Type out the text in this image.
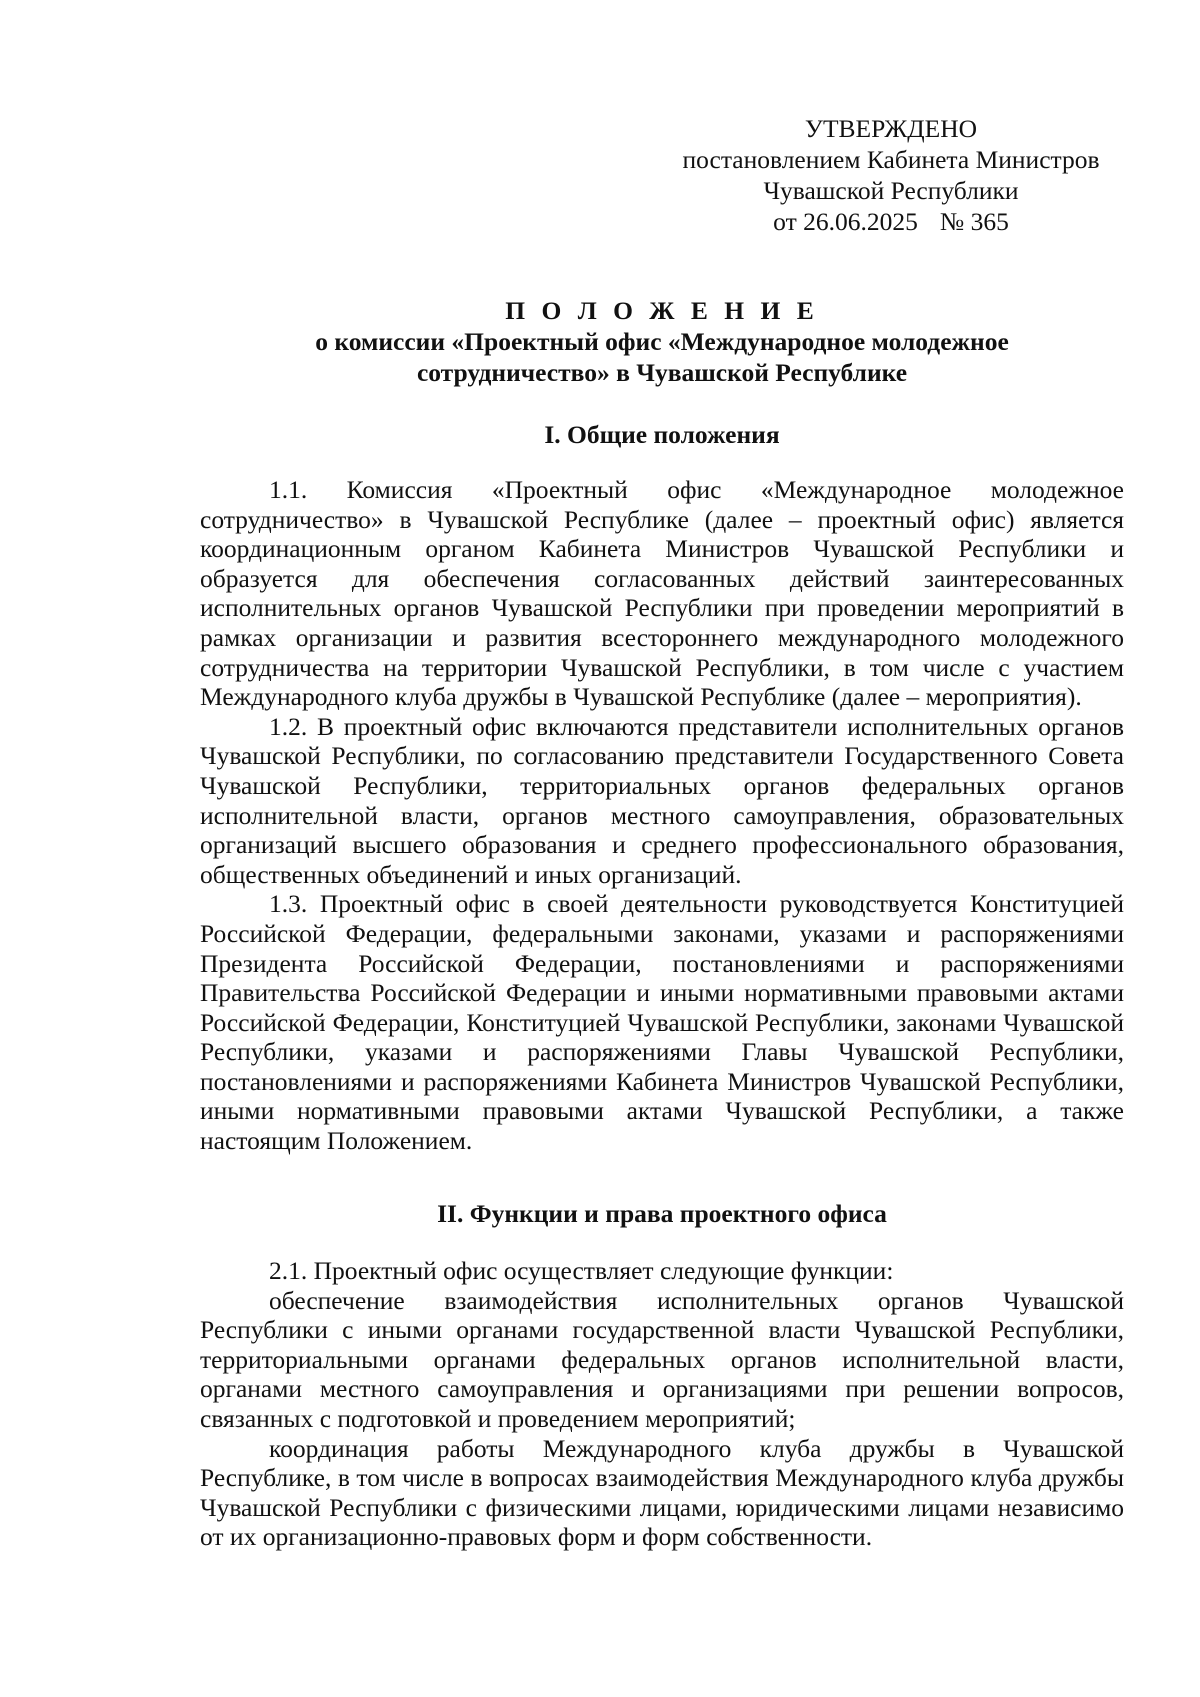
УТВЕРЖДЕНО
постановлением Кабинета Министров
Чувашской Республики
от 26.06.2025 № 365
П О Л О Ж Е Н И Е
о комиссии «Проектный офис «Международное молодежное
сотрудничество» в Чувашской Республике
I. Общие положения

1.1. Комиссия «Проектный офис «Международное молодежное сотрудничество» в Чувашской Республике (далее – проектный офис) является координационным органом Кабинета Министров Чувашской Республики и образуется для обеспечения согласованных действий заинтересованных исполнительных органов Чувашской Республики при проведении мероприятий в рамках организации и развития всестороннего международного молодежного сотрудничества на территории Чувашской Республики, в том числе с участием Международного клуба дружбы в Чувашской Республике (далее – мероприятия).

1.2. В проектный офис включаются представители исполнительных органов Чувашской Республики, по согласованию представители Государственного Совета Чувашской Республики, территориальных органов федеральных органов исполнительной власти, органов местного самоуправления, образовательных организаций высшего образования и среднего профессионального образования, общественных объединений и иных организаций.

1.3. Проектный офис в своей деятельности руководствуется Конституцией Российской Федерации, федеральными законами, указами и распоряжениями Президента Российской Федерации, постановлениями и распоряжениями Правительства Российской Федерации и иными нормативными правовыми актами Российской Федерации, Конституцией Чувашской Республики, законами Чувашской Республики, указами и распоряжениями Главы Чувашской Республики, постановлениями и распоряжениями Кабинета Министров Чувашской Республики, иными нормативными правовыми актами Чувашской Республики, а также настоящим Положением.

II. Функции и права проектного офиса

2.1. Проектный офис осуществляет следующие функции:

обеспечение взаимодействия исполнительных органов Чувашской Республики с иными органами государственной власти Чувашской Республики, территориальными органами федеральных органов исполнительной власти, органами местного самоуправления и организациями при решении вопросов, связанных с подготовкой и проведением мероприятий;

координация работы Международного клуба дружбы в Чувашской Республике, в том числе в вопросах взаимодействия Международного клуба дружбы Чувашской Республики с физическими лицами, юридическими лицами независимо от их организационно-правовых форм и форм собственности.
